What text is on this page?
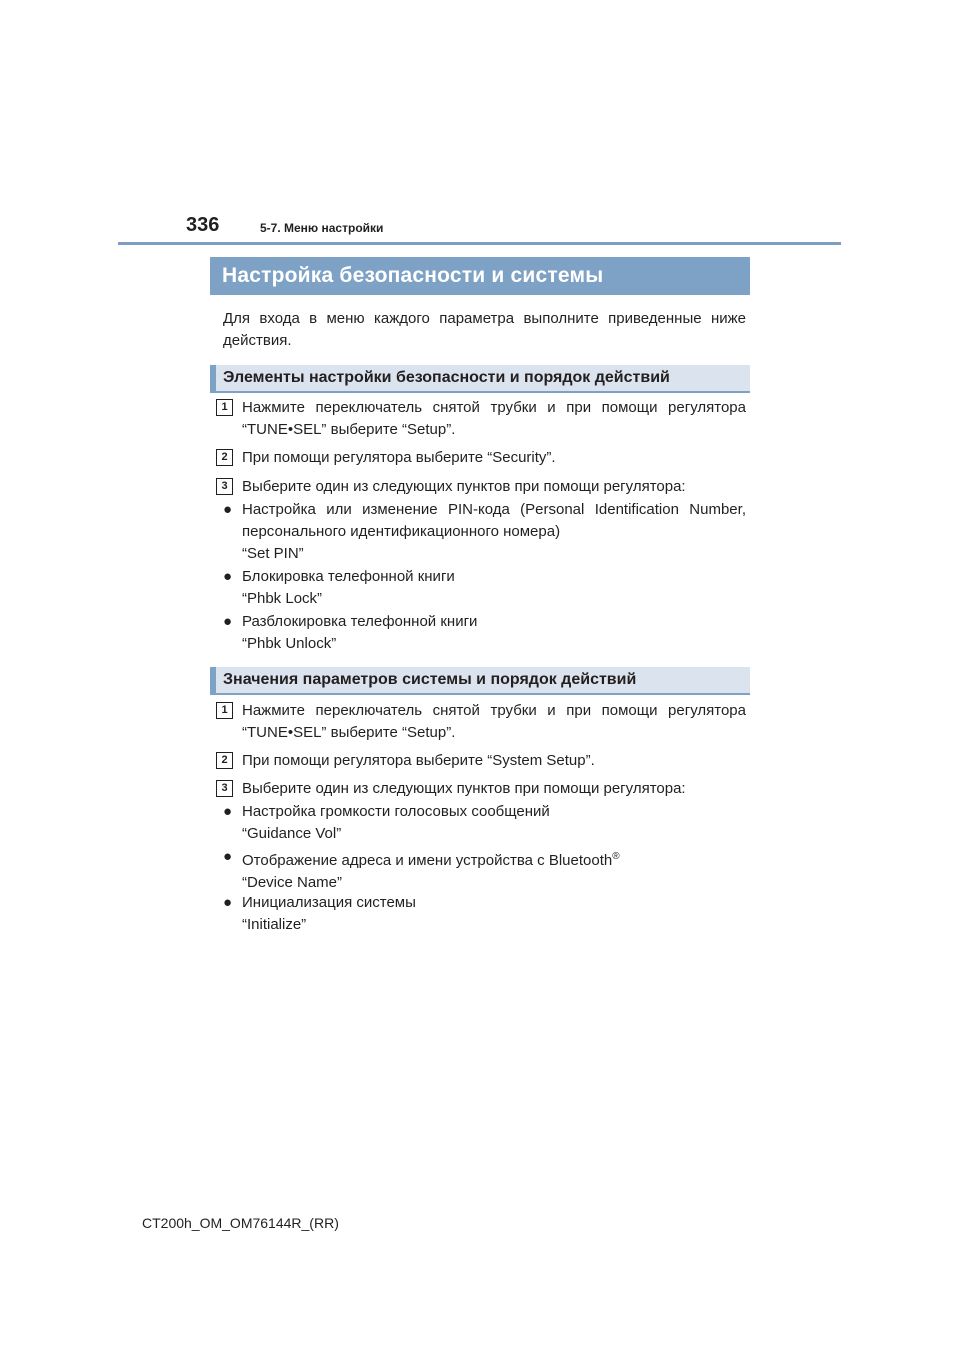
336	5-7. Меню настройки
Настройка безопасности и системы
Для входа в меню каждого параметра выполните приведенные ниже действия.
Элементы настройки безопасности и порядок действий
1 Нажмите переключатель снятой трубки и при помощи регулятора “TUNE•SEL” выберите “Setup”.
2 При помощи регулятора выберите “Security”.
3 Выберите один из следующих пунктов при помощи регулятора:
● Настройка или изменение PIN-кода (Personal Identification Number, персонального идентификационного номера)
“Set PIN”
● Блокировка телефонной книги
“Phbk Lock”
● Разблокировка телефонной книги
“Phbk Unlock”
Значения параметров системы и порядок действий
1 Нажмите переключатель снятой трубки и при помощи регулятора “TUNE•SEL” выберите “Setup”.
2 При помощи регулятора выберите “System Setup”.
3 Выберите один из следующих пунктов при помощи регулятора:
● Настройка громкости голосовых сообщений
“Guidance Vol”
● Отображение адреса и имени устройства с Bluetooth®
“Device Name”
● Инициализация системы
“Initialize”
CT200h_OM_OM76144R_(RR)
